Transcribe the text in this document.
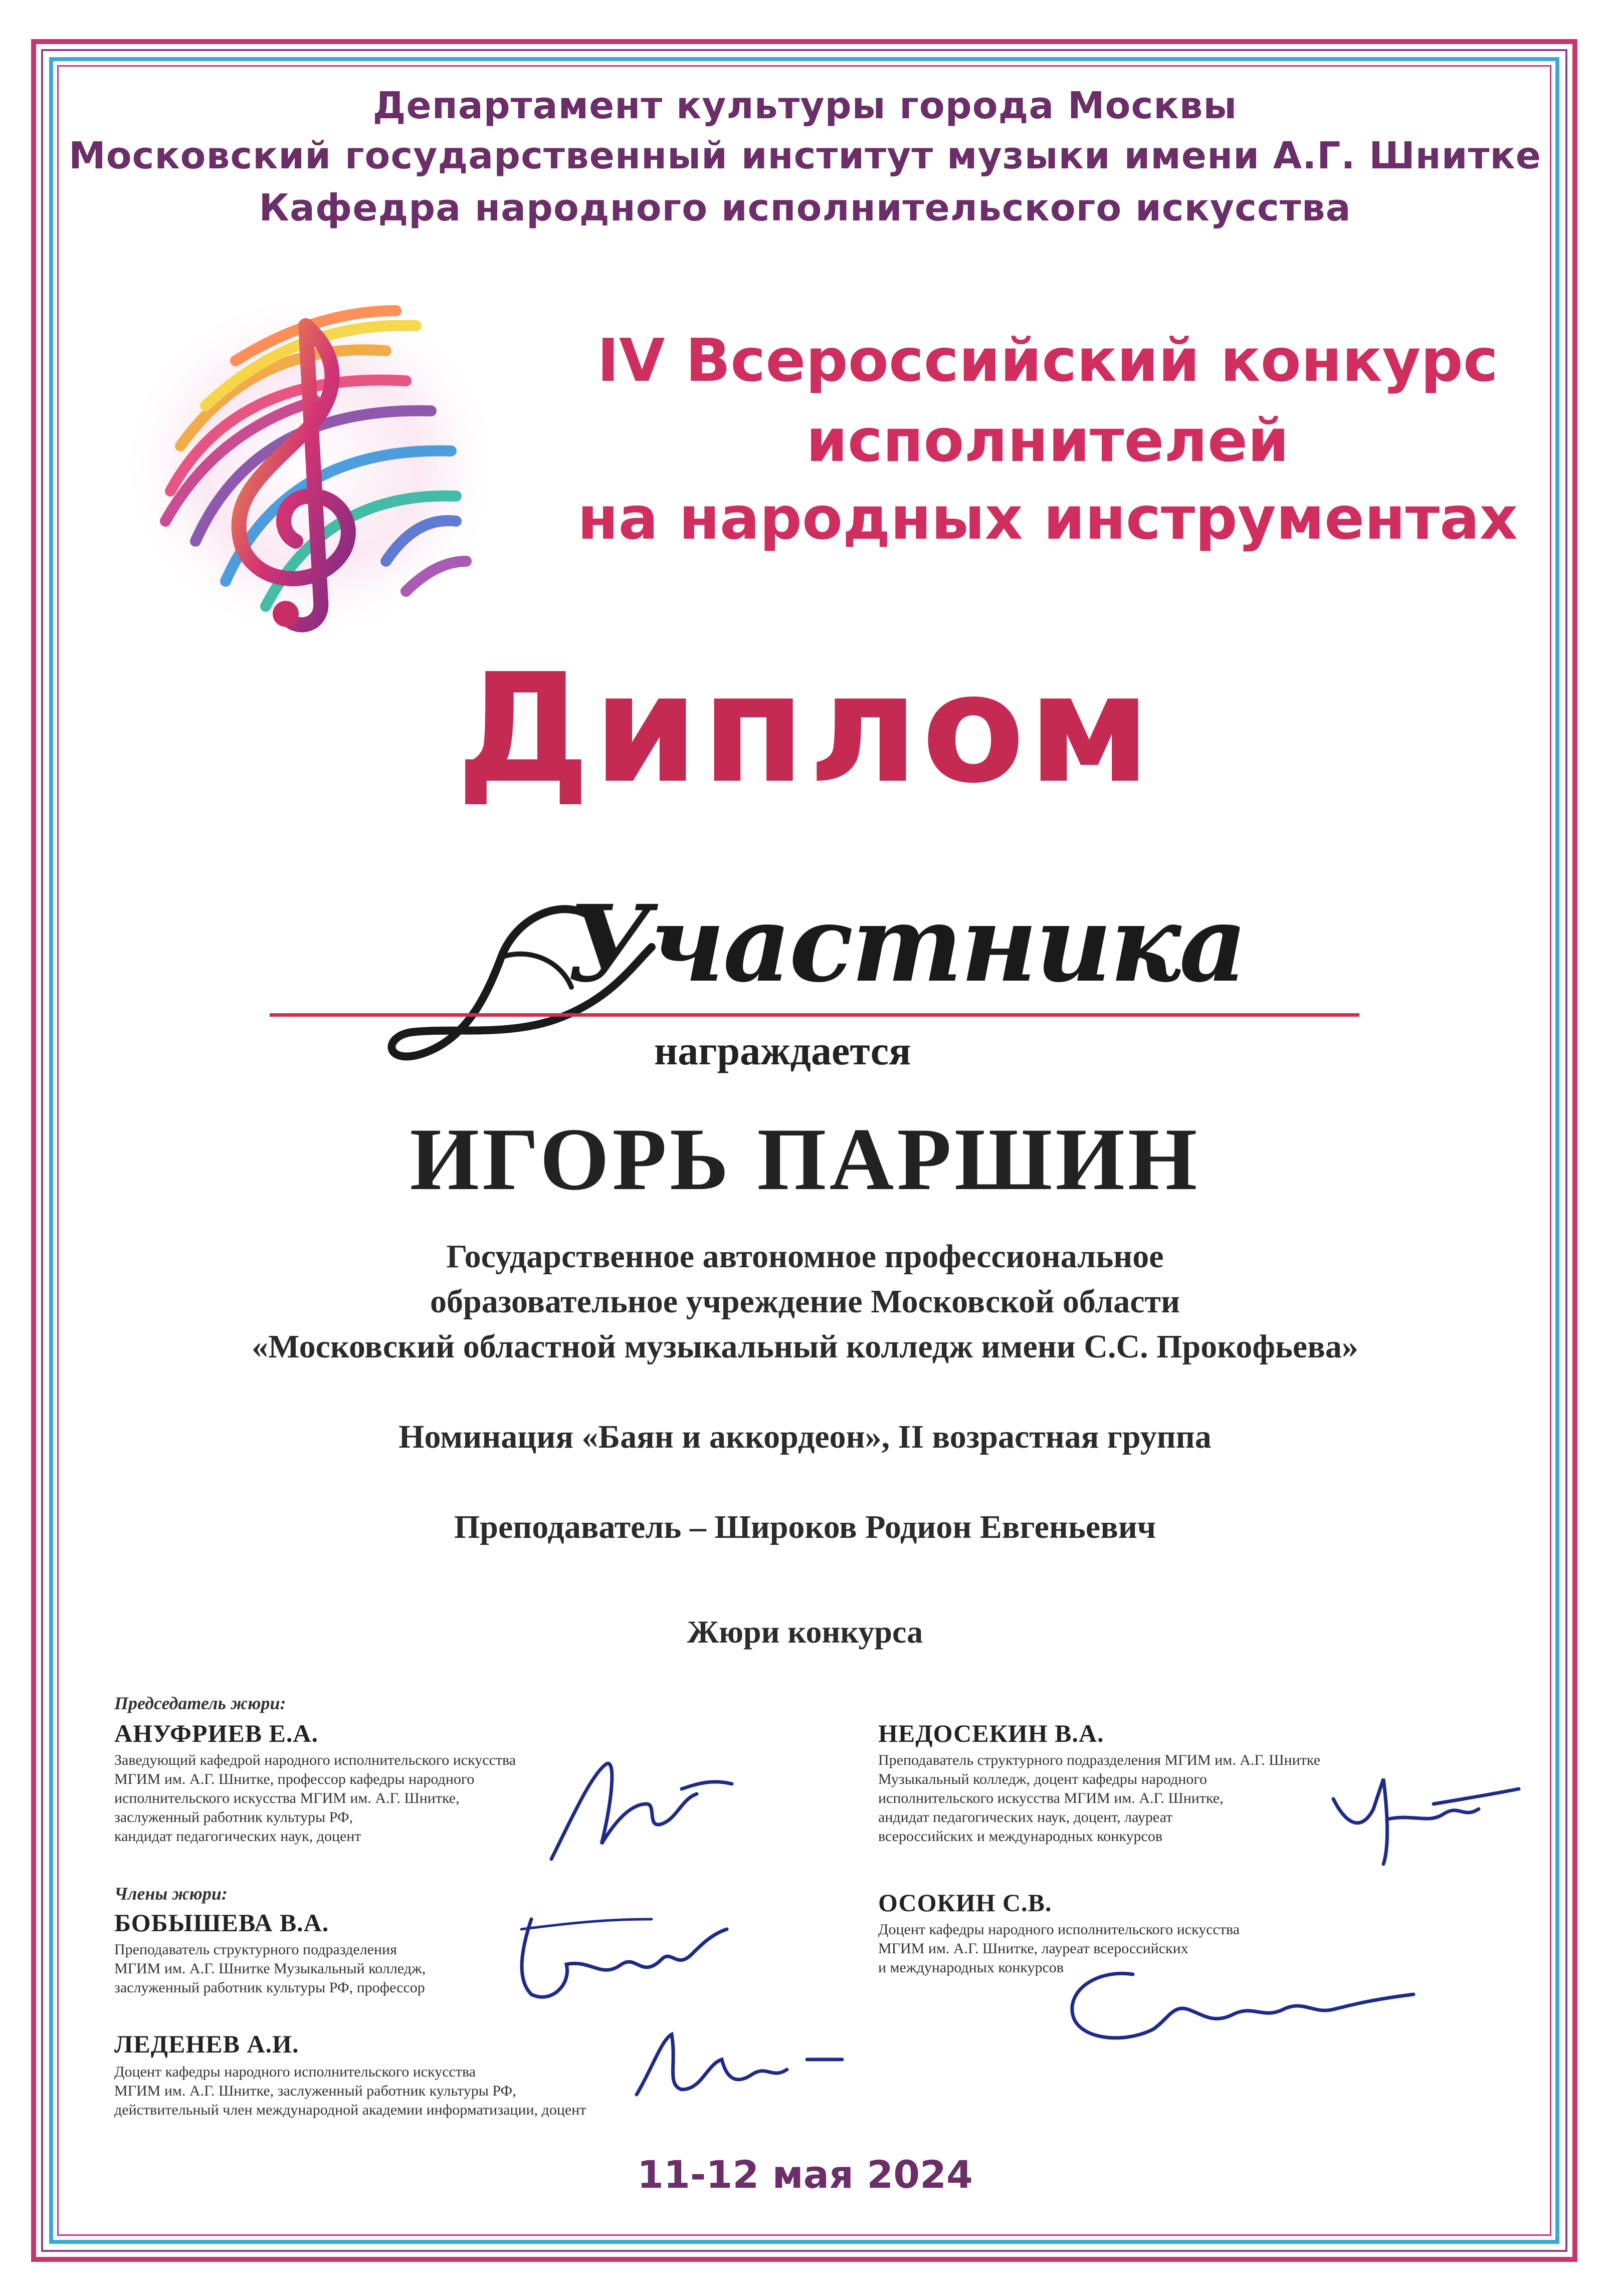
Департамент культуры города Москвы
Московский государственный институт музыки имени А.Г. Шнитке
Кафедра народного исполнительского искусства
IV Всероссийский конкурс
исполнителей
на народных инструментах
Диплом
Участника
награждается
ИГОРЬ ПАРШИН
Государственное автономное профессиональное
образовательное учреждение Московской области
«Московский областной музыкальный колледж имени С.С. Прокофьева»
Номинация «Баян и аккордеон», II возрастная группа
Преподаватель – Широков Родион Евгеньевич
Жюри конкурса
Председатель жюри:
АНУФРИЕВ Е.А.
Заведующий кафедрой народного исполнительского искусства
МГИМ им. А.Г. Шнитке, профессор кафедры народного
исполнительского искусства МГИМ им. А.Г. Шнитке,
заслуженный работник культуры РФ,
кандидат педагогических наук, доцент
Члены жюри:
БОБЫШЕВА В.А.
Преподаватель структурного подразделения
МГИМ им. А.Г. Шнитке Музыкальный колледж,
заслуженный работник культуры РФ, профессор
ЛЕДЕНЕВ А.И.
Доцент кафедры народного исполнительского искусства
МГИМ им. А.Г. Шнитке, заслуженный работник культуры РФ,
действительный член международной академии информатизации, доцент
НЕДОСЕКИН В.А.
Преподаватель структурного подразделения МГИМ им. А.Г. Шнитке
Музыкальный колледж, доцент кафедры народного
исполнительского искусства МГИМ им. А.Г. Шнитке,
андидат педагогических наук, доцент, лауреат
всероссийских и международных конкурсов
ОСОКИН С.В.
Доцент кафедры народного исполнительского искусства
МГИМ им. А.Г. Шнитке, лауреат всероссийских
и международных конкурсов
11-12 мая 2024
